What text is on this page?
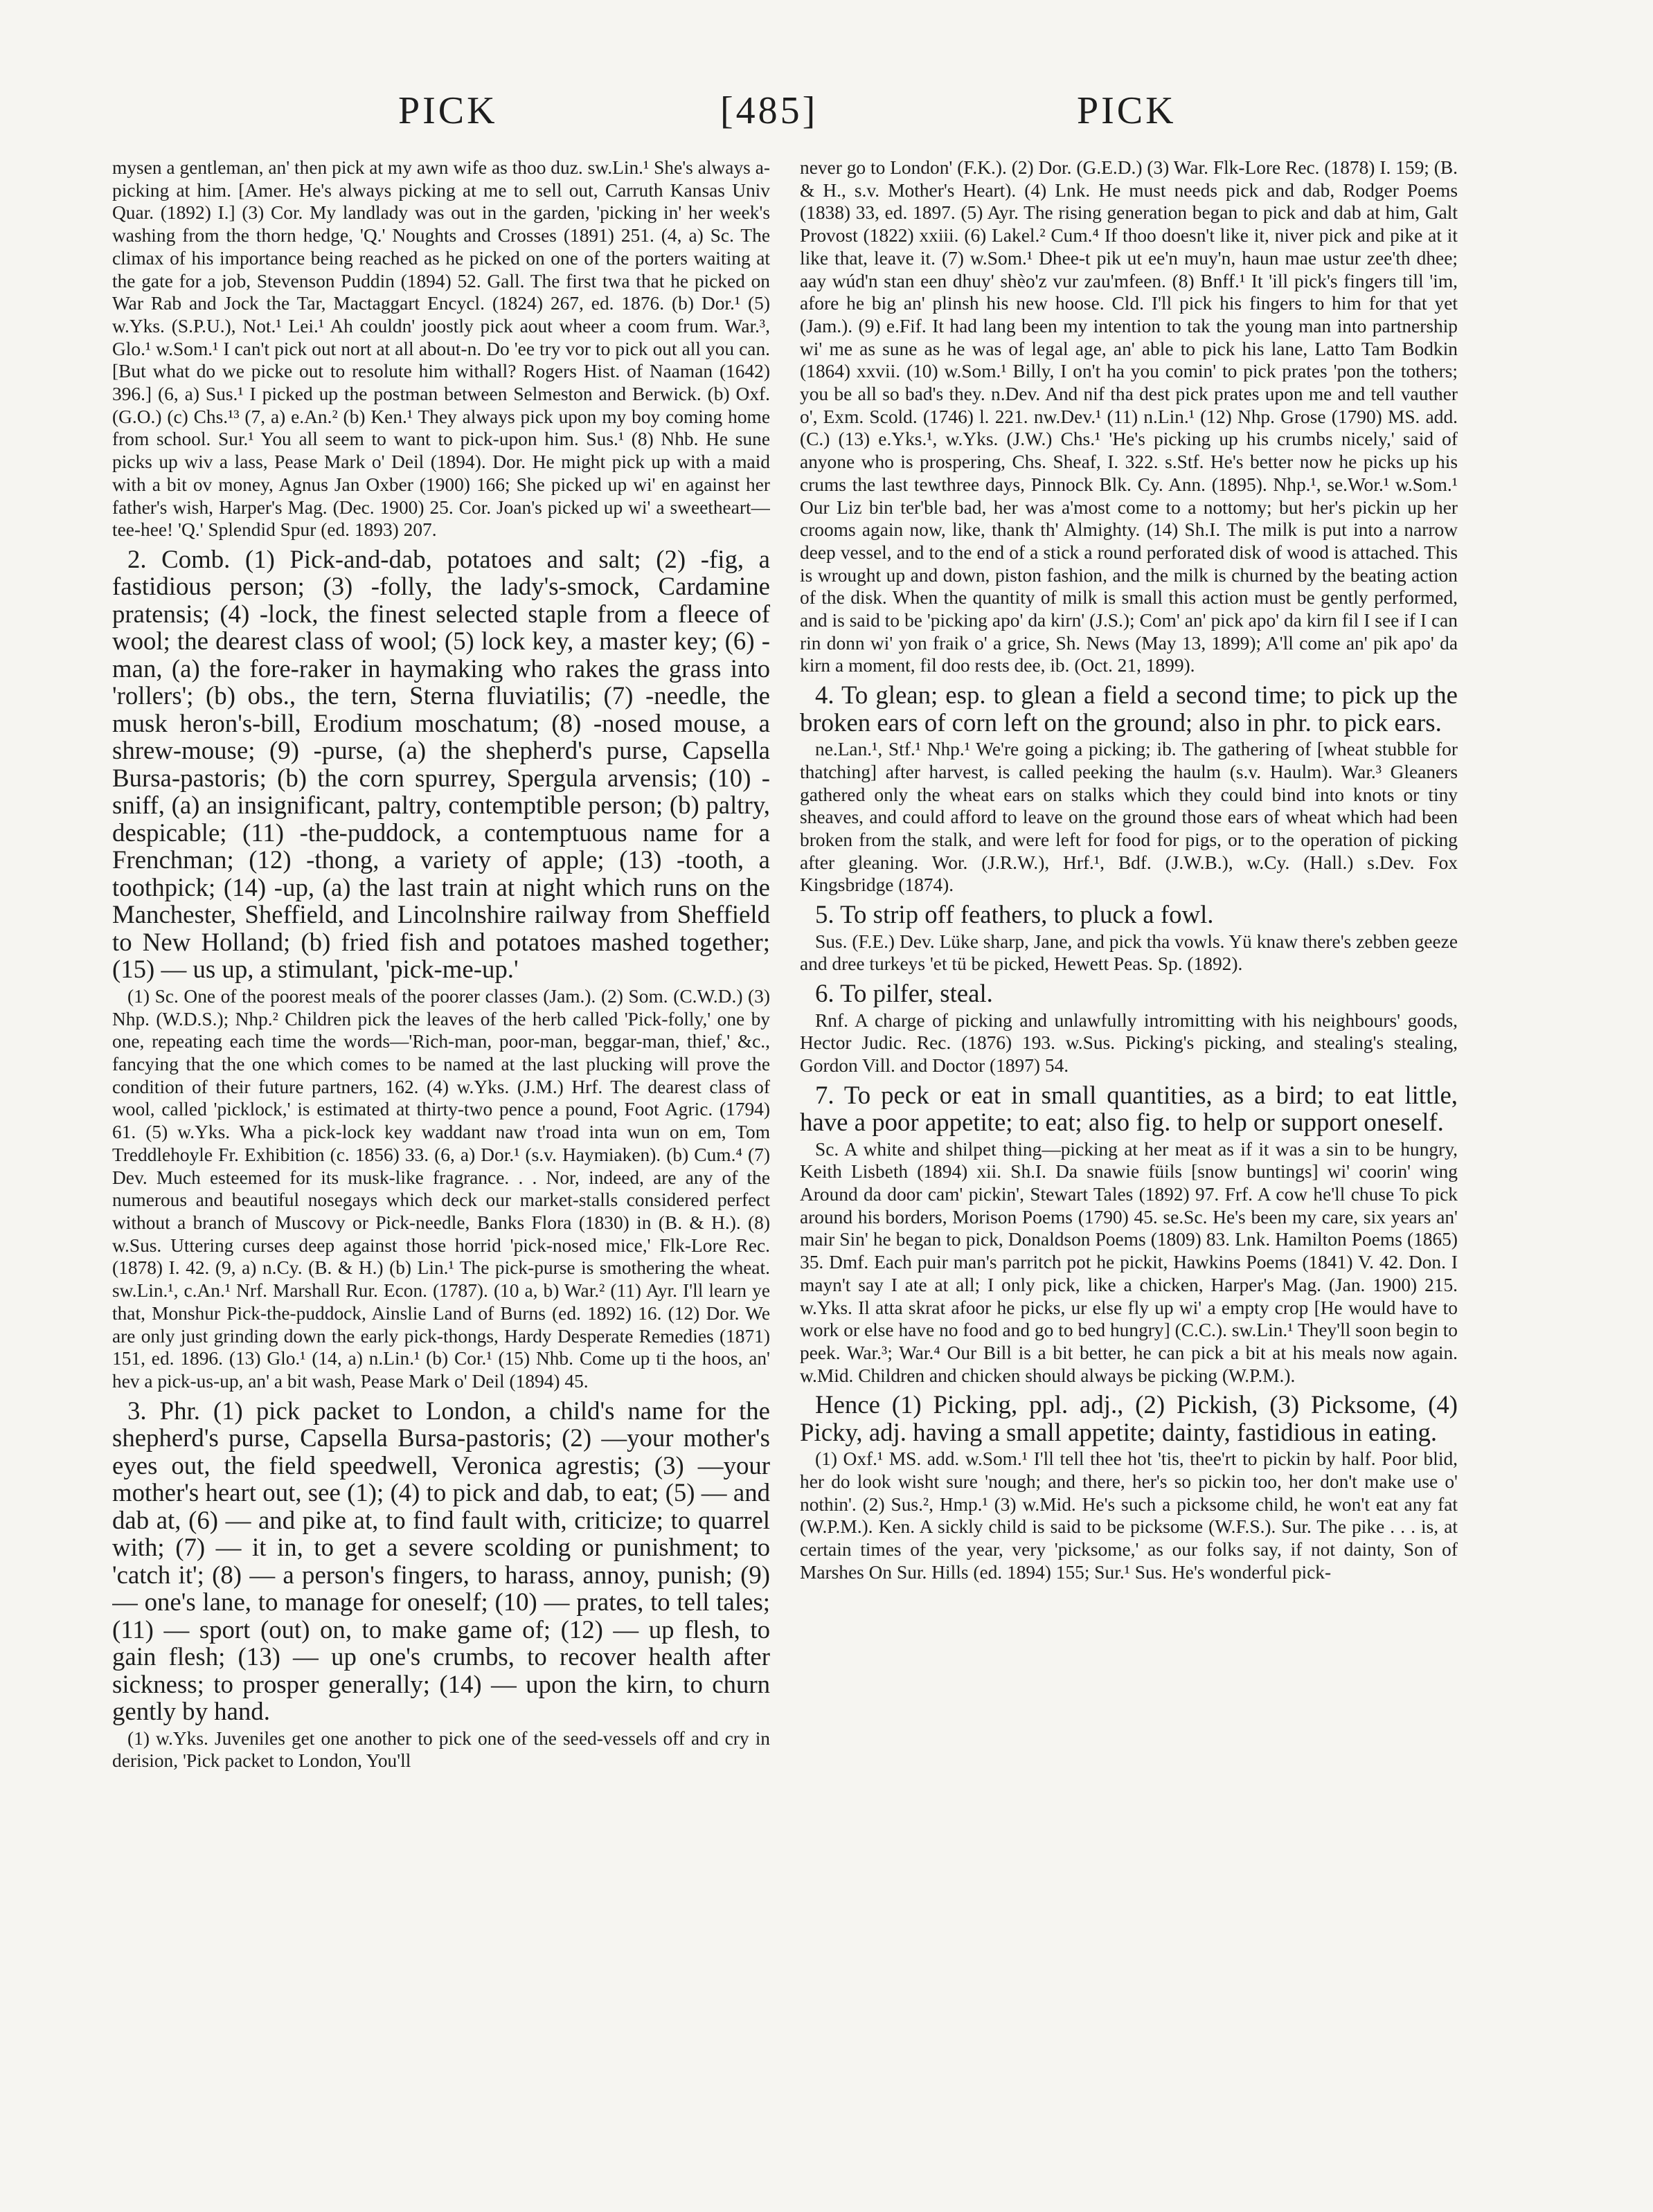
PICK	[485]	PICK

mysen a gentleman, an' then pick at my awn wife as thoo duz. sw.Lin.¹ She's always a-picking at him. [Amer. He's always picking at me to sell out, Carruth Kansas Univ Quar. (1892) I.] (3) Cor. My landlady was out in the garden, 'picking in' her week's washing from the thorn hedge, 'Q.' Noughts and Crosses (1891) 251. (4, a) Sc. The climax of his importance being reached as he picked on one of the porters waiting at the gate for a job, Stevenson Puddin (1894) 52. Gall. The first twa that he picked on War Rab and Jock the Tar, Mactaggart Encycl. (1824) 267, ed. 1876. (b) Dor.¹ (5) w.Yks. (S.P.U.), Not.¹ Lei.¹ Ah couldn' joostly pick aout wheer a coom frum. War.³, Glo.¹ w.Som.¹ I can't pick out nort at all about-n. Do 'ee try vor to pick out all you can. [But what do we picke out to resolute him withall? Rogers Hist. of Naaman (1642) 396.] (6, a) Sus.¹ I picked up the postman between Selmeston and Berwick. (b) Oxf. (G.O.) (c) Chs.¹³ (7, a) e.An.² (b) Ken.¹ They always pick upon my boy coming home from school. Sur.¹ You all seem to want to pick-upon him. Sus.¹ (8) Nhb. He sune picks up wiv a lass, Pease Mark o' Deil (1894). Dor. He might pick up with a maid with a bit ov money, Agnus Jan Oxber (1900) 166; She picked up wi' en against her father's wish, Harper's Mag. (Dec. 1900) 25. Cor. Joan's picked up wi' a sweetheart—tee-hee! 'Q.' Splendid Spur (ed. 1893) 207.

2. Comb. (1) Pick-and-dab, potatoes and salt; (2) -fig, a fastidious person; (3) -folly, the lady's-smock, Cardamine pratensis; (4) -lock, the finest selected staple from a fleece of wool; the dearest class of wool; (5) lock key, a master key; (6) -man, (a) the fore-raker in haymaking who rakes the grass into 'rollers'; (b) obs., the tern, Sterna fluviatilis; (7) -needle, the musk heron's-bill, Erodium moschatum; (8) -nosed mouse, a shrew-mouse; (9) -purse, (a) the shepherd's purse, Capsella Bursa-pastoris; (b) the corn spurrey, Spergula arvensis; (10) -sniff, (a) an insignificant, paltry, contemptible person; (b) paltry, despicable; (11) -the-puddock, a contemptuous name for a Frenchman; (12) -thong, a variety of apple; (13) -tooth, a toothpick; (14) -up, (a) the last train at night which runs on the Manchester, Sheffield, and Lincolnshire railway from Sheffield to New Holland; (b) fried fish and potatoes mashed together; (15) — us up, a stimulant, 'pick-me-up.'

(1) Sc. One of the poorest meals of the poorer classes (Jam.). (2) Som. (C.W.D.) (3) Nhp. (W.D.S.); Nhp.² Children pick the leaves of the herb called 'Pick-folly,' one by one, repeating each time the words—'Rich-man, poor-man, beggar-man, thief,' &c., fancying that the one which comes to be named at the last plucking will prove the condition of their future partners, 162. (4) w.Yks. (J.M.) Hrf. The dearest class of wool, called 'picklock,' is estimated at thirty-two pence a pound, Foot Agric. (1794) 61. (5) w.Yks. Wha a pick-lock key waddant naw t'road inta wun on em, Tom Treddlehoyle Fr. Exhibition (c. 1856) 33. (6, a) Dor.¹ (s.v. Haymiaken). (b) Cum.⁴ (7) Dev. Much esteemed for its musk-like fragrance. . . Nor, indeed, are any of the numerous and beautiful nosegays which deck our market-stalls considered perfect without a branch of Muscovy or Pick-needle, Banks Flora (1830) in (B. & H.). (8) w.Sus. Uttering curses deep against those horrid 'pick-nosed mice,' Flk-Lore Rec. (1878) I. 42. (9, a) n.Cy. (B. & H.) (b) Lin.¹ The pick-purse is smothering the wheat. sw.Lin.¹, c.An.¹ Nrf. Marshall Rur. Econ. (1787). (10 a, b) War.² (11) Ayr. I'll learn ye that, Monshur Pick-the-puddock, Ainslie Land of Burns (ed. 1892) 16. (12) Dor. We are only just grinding down the early pick-thongs, Hardy Desperate Remedies (1871) 151, ed. 1896. (13) Glo.¹ (14, a) n.Lin.¹ (b) Cor.¹ (15) Nhb. Come up ti the hoos, an' hev a pick-us-up, an' a bit wash, Pease Mark o' Deil (1894) 45.

3. Phr. (1) pick packet to London, a child's name for the shepherd's purse, Capsella Bursa-pastoris; (2) —your mother's eyes out, the field speedwell, Veronica agrestis; (3) —your mother's heart out, see (1); (4) to pick and dab, to eat; (5) — and dab at, (6) — and pike at, to find fault with, criticize; to quarrel with; (7) — it in, to get a severe scolding or punishment; to 'catch it'; (8) — a person's fingers, to harass, annoy, punish; (9) — one's lane, to manage for oneself; (10) — prates, to tell tales; (11) — sport (out) on, to make game of; (12) — up flesh, to gain flesh; (13) — up one's crumbs, to recover health after sickness; to prosper generally; (14) — upon the kirn, to churn gently by hand.

(1) w.Yks. Juveniles get one another to pick one of the seed-vessels off and cry in derision, 'Pick packet to London, You'll

never go to London' (F.K.). (2) Dor. (G.E.D.) (3) War. Flk-Lore Rec. (1878) I. 159; (B. & H., s.v. Mother's Heart). (4) Lnk. He must needs pick and dab, Rodger Poems (1838) 33, ed. 1897. (5) Ayr. The rising generation began to pick and dab at him, Galt Provost (1822) xxiii. (6) Lakel.² Cum.⁴ If thoo doesn't like it, niver pick and pike at it like that, leave it. (7) w.Som.¹ Dhee-t pik ut ee'n muy'n, haun mae ustur zee'th dhee; aay wúd'n stan een dhuy' shèo'z vur zau'mfeen. (8) Bnff.¹ It 'ill pick's fingers till 'im, afore he big an' plinsh his new hoose. Cld. I'll pick his fingers to him for that yet (Jam.). (9) e.Fif. It had lang been my intention to tak the young man into partnership wi' me as sune as he was of legal age, an' able to pick his lane, Latto Tam Bodkin (1864) xxvii. (10) w.Som.¹ Billy, I on't ha you comin' to pick prates 'pon the tothers; you be all so bad's they. n.Dev. And nif tha dest pick prates upon me and tell vauther o', Exm. Scold. (1746) l. 221. nw.Dev.¹ (11) n.Lin.¹ (12) Nhp. Grose (1790) MS. add. (C.) (13) e.Yks.¹, w.Yks. (J.W.) Chs.¹ 'He's picking up his crumbs nicely,' said of anyone who is prospering, Chs. Sheaf, I. 322. s.Stf. He's better now he picks up his crums the last tewthree days, Pinnock Blk. Cy. Ann. (1895). Nhp.¹, se.Wor.¹ w.Som.¹ Our Liz bin ter'ble bad, her was a'most come to a nottomy; but her's pickin up her crooms again now, like, thank th' Almighty. (14) Sh.I. The milk is put into a narrow deep vessel, and to the end of a stick a round perforated disk of wood is attached. This is wrought up and down, piston fashion, and the milk is churned by the beating action of the disk. When the quantity of milk is small this action must be gently performed, and is said to be 'picking apo' da kirn' (J.S.); Com' an' pick apo' da kirn fil I see if I can rin donn wi' yon fraik o' a grice, Sh. News (May 13, 1899); A'll come an' pik apo' da kirn a moment, fil doo rests dee, ib. (Oct. 21, 1899).

4. To glean; esp. to glean a field a second time; to pick up the broken ears of corn left on the ground; also in phr. to pick ears.

ne.Lan.¹, Stf.¹ Nhp.¹ We're going a picking; ib. The gathering of [wheat stubble for thatching] after harvest, is called peeking the haulm (s.v. Haulm). War.³ Gleaners gathered only the wheat ears on stalks which they could bind into knots or tiny sheaves, and could afford to leave on the ground those ears of wheat which had been broken from the stalk, and were left for food for pigs, or to the operation of picking after gleaning. Wor. (J.R.W.), Hrf.¹, Bdf. (J.W.B.), w.Cy. (Hall.) s.Dev. Fox Kingsbridge (1874).

5. To strip off feathers, to pluck a fowl.

Sus. (F.E.) Dev. Lüke sharp, Jane, and pick tha vowls. Yü knaw there's zebben geeze and dree turkeys 'et tü be picked, Hewett Peas. Sp. (1892).

6. To pilfer, steal.

Rnf. A charge of picking and unlawfully intromitting with his neighbours' goods, Hector Judic. Rec. (1876) 193. w.Sus. Picking's picking, and stealing's stealing, Gordon Vill. and Doctor (1897) 54.

7. To peck or eat in small quantities, as a bird; to eat little, have a poor appetite; to eat; also fig. to help or support oneself.

Sc. A white and shilpet thing—picking at her meat as if it was a sin to be hungry, Keith Lisbeth (1894) xii. Sh.I. Da snawie füils [snow buntings] wi' coorin' wing Around da door cam' pickin', Stewart Tales (1892) 97. Frf. A cow he'll chuse To pick around his borders, Morison Poems (1790) 45. se.Sc. He's been my care, six years an' mair Sin' he began to pick, Donaldson Poems (1809) 83. Lnk. Hamilton Poems (1865) 35. Dmf. Each puir man's parritch pot he pickit, Hawkins Poems (1841) V. 42. Don. I mayn't say I ate at all; I only pick, like a chicken, Harper's Mag. (Jan. 1900) 215. w.Yks. Il atta skrat afoor he picks, ur else fly up wi' a empty crop [He would have to work or else have no food and go to bed hungry] (C.C.). sw.Lin.¹ They'll soon begin to peek. War.³; War.⁴ Our Bill is a bit better, he can pick a bit at his meals now again. w.Mid. Children and chicken should always be picking (W.P.M.).

Hence (1) Picking, ppl. adj., (2) Pickish, (3) Picksome, (4) Picky, adj. having a small appetite; dainty, fastidious in eating.

(1) Oxf.¹ MS. add. w.Som.¹ I'll tell thee hot 'tis, thee'rt to pickin by half. Poor blid, her do look wisht sure 'nough; and there, her's so pickin too, her don't make use o' nothin'. (2) Sus.², Hmp.¹ (3) w.Mid. He's such a picksome child, he won't eat any fat (W.P.M.). Ken. A sickly child is said to be picksome (W.F.S.). Sur. The pike . . . is, at certain times of the year, very 'picksome,' as our folks say, if not dainty, Son of Marshes On Sur. Hills (ed. 1894) 155; Sur.¹ Sus. He's wonderful pick-
